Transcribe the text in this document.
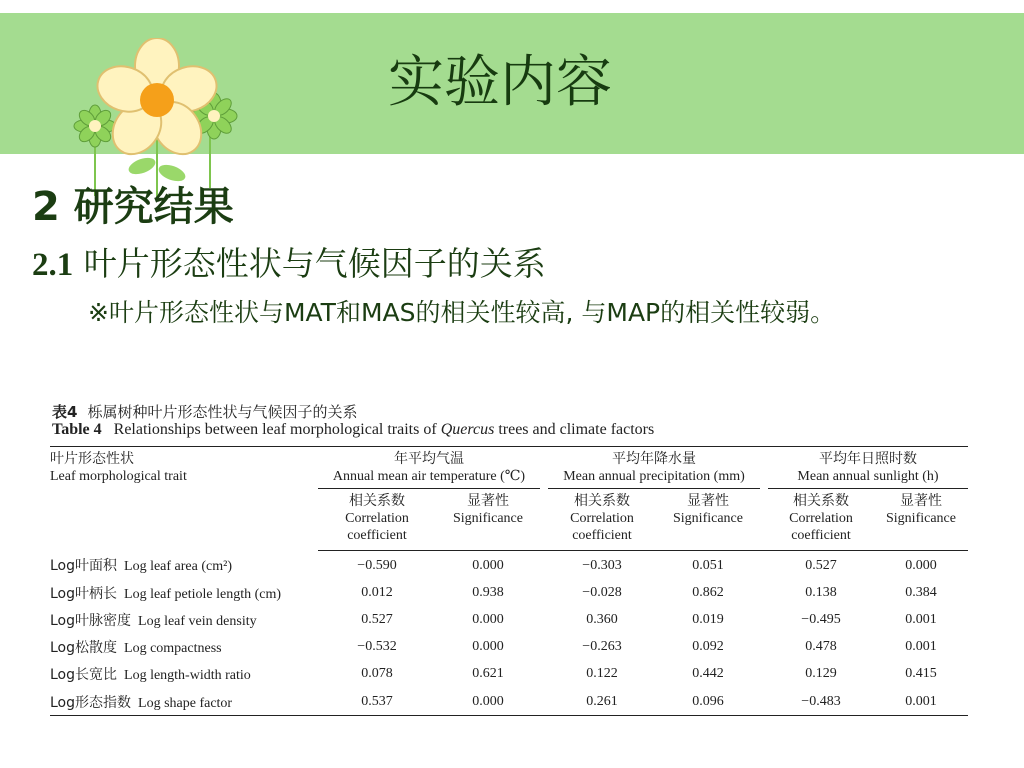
实验内容
2 研究结果
2.1 叶片形态性状与气候因子的关系
※叶片形态性状与MAT和MAS的相关性较高, 与MAP的相关性较弱。
表4 栎属树种叶片形态性状与气候因子的关系
Table 4 Relationships between leaf morphological traits of Quercus trees and climate factors
叶片形态性状
Leaf morphological trait	年平均气温
Annual mean air temperature (℃)			平均年降水量
Mean annual precipitation (mm)			平均年日照时数
Mean annual sunlight (h)	
	相关系数
Correlation
coefficient	显著性
Significance		相关系数
Correlation
coefficient	显著性
Significance		相关系数
Correlation
coefficient	显著性
Significance
Log叶面积 Log leaf area (cm²)	−0.590	0.000		−0.303	0.051		0.527	0.000
Log叶柄长 Log leaf petiole length (cm)	0.012	0.938		−0.028	0.862		0.138	0.384
Log叶脉密度 Log leaf vein density	0.527	0.000		0.360	0.019		−0.495	0.001
Log松散度 Log compactness	−0.532	0.000		−0.263	0.092		0.478	0.001
Log长宽比 Log length-width ratio	0.078	0.621		0.122	0.442		0.129	0.415
Log形态指数 Log shape factor	0.537	0.000		0.261	0.096		−0.483	0.001
